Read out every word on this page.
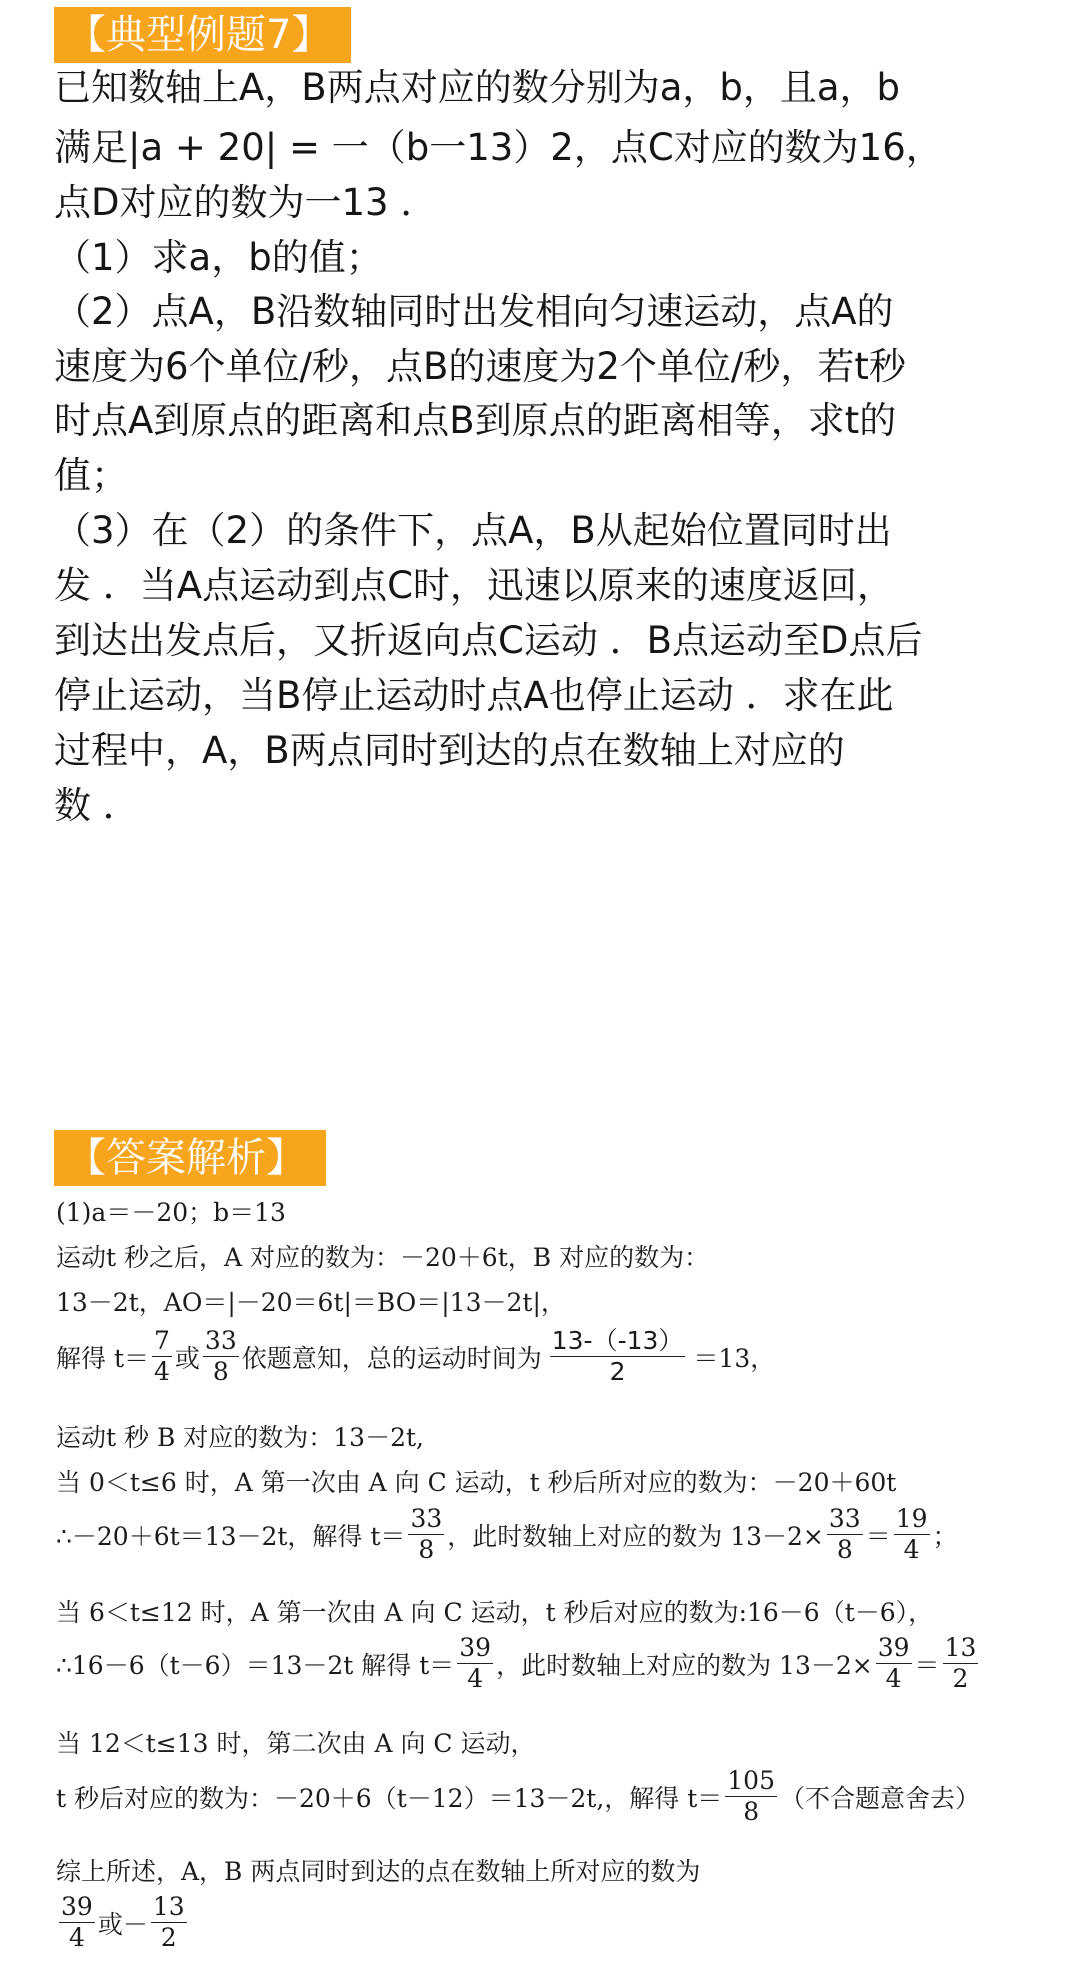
【典型例题7】
已知数轴上A，B两点对应的数分别为a，b，且a，b
满足|a + 20| = 一（b一13）2，点C对应的数为16，
点D对应的数为一13 ．
（1）求a，b的值；
（2）点A，B沿数轴同时出发相向匀速运动，点A的
速度为6个单位/秒，点B的速度为2个单位/秒，若t秒
时点A到原点的距离和点B到原点的距离相等，求t的
值；
（3）在（2）的条件下，点A，B从起始位置同时出
发 ．当A点运动到点C时，迅速以原来的速度返回，
到达出发点后，又折返向点C运动 ．B点运动至D点后
停止运动，当B停止运动时点A也停止运动 ．求在此
过程中，A，B两点同时到达的点在数轴上对应的
数 ．
【答案解析】
(1)a＝－20；b＝13
运动t 秒之后，A 对应的数为：－20＋6t，B 对应的数为：
13－2t，AO＝|－20＝6t|＝BO＝|13－2t|，
解得 $t= \frac{7}{4}$ 或 $\frac{33}{8}$ 依题意知，总的运动时间为 $\frac{13-(-13)}{2} =13$，
运动t 秒 B 对应的数为：13－2t,
当 0＜t≤6 时，A 第一次由 A 向 C 运动，t 秒后所对应的数为：－20＋60t
∴－20＋6t＝13－2t，解得 $t= \frac{33}{8}$ ，此时数轴上对应的数为 $13-2\times \frac{33}{8} = \frac{19}{4}$ ；
当 6＜t≤12 时，A 第一次由 A 向 C 运动，t 秒后对应的数为:16－6（t－6），
∴16－6（t－6）＝13－2t 解得 $t= \frac{39}{4}$ ，此时数轴上对应的数为 $13-2\times \frac{39}{4} = \frac{13}{2}$
当 12＜t≤13 时，第二次由 A 向 C 运动，
t 秒后对应的数为：－20＋6（t－12）＝13－2t,，解得 $t= \frac{105}{8}$ （不合题意舍去）
综上所述，A，B 两点同时到达的点在数轴上所对应的数为
$\frac{39}{4}$ 或－ $\frac{13}{2}$
